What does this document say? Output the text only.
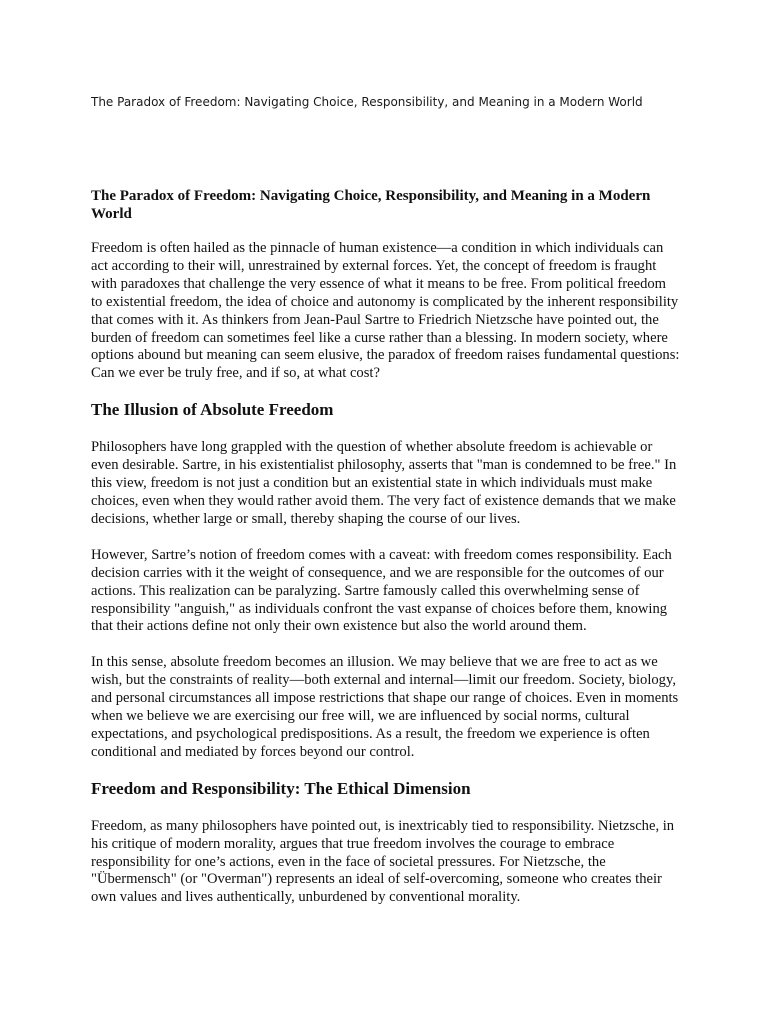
The Paradox of Freedom: Navigating Choice, Responsibility, and Meaning in a Modern World

The Paradox of Freedom: Navigating Choice, Responsibility, and Meaning in a Modern World

Freedom is often hailed as the pinnacle of human existence—a condition in which individuals can act according to their will, unrestrained by external forces. Yet, the concept of freedom is fraught with paradoxes that challenge the very essence of what it means to be free. From political freedom to existential freedom, the idea of choice and autonomy is complicated by the inherent responsibility that comes with it. As thinkers from Jean-Paul Sartre to Friedrich Nietzsche have pointed out, the burden of freedom can sometimes feel like a curse rather than a blessing. In modern society, where options abound but meaning can seem elusive, the paradox of freedom raises fundamental questions: Can we ever be truly free, and if so, at what cost?

The Illusion of Absolute Freedom

Philosophers have long grappled with the question of whether absolute freedom is achievable or even desirable. Sartre, in his existentialist philosophy, asserts that "man is condemned to be free." In this view, freedom is not just a condition but an existential state in which individuals must make choices, even when they would rather avoid them. The very fact of existence demands that we make decisions, whether large or small, thereby shaping the course of our lives.

However, Sartre’s notion of freedom comes with a caveat: with freedom comes responsibility. Each decision carries with it the weight of consequence, and we are responsible for the outcomes of our actions. This realization can be paralyzing. Sartre famously called this overwhelming sense of responsibility "anguish," as individuals confront the vast expanse of choices before them, knowing that their actions define not only their own existence but also the world around them.

In this sense, absolute freedom becomes an illusion. We may believe that we are free to act as we wish, but the constraints of reality—both external and internal—limit our freedom. Society, biology, and personal circumstances all impose restrictions that shape our range of choices. Even in moments when we believe we are exercising our free will, we are influenced by social norms, cultural expectations, and psychological predispositions. As a result, the freedom we experience is often conditional and mediated by forces beyond our control.

Freedom and Responsibility: The Ethical Dimension

Freedom, as many philosophers have pointed out, is inextricably tied to responsibility. Nietzsche, in his critique of modern morality, argues that true freedom involves the courage to embrace responsibility for one’s actions, even in the face of societal pressures. For Nietzsche, the "Übermensch" (or "Overman") represents an ideal of self-overcoming, someone who creates their own values and lives authentically, unburdened by conventional morality.
